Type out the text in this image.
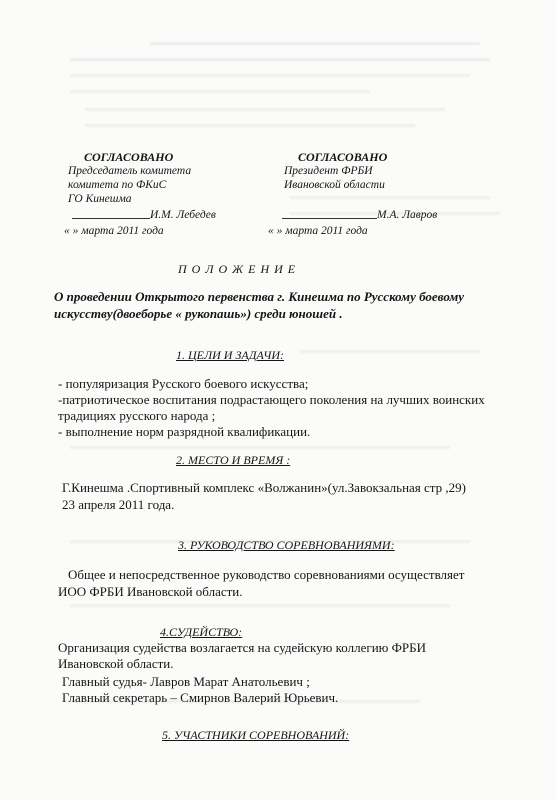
СОГЛАСОВАНО
Председатель комитета
комитета по ФКиС
ГО Кинешма
И.М. Лебедев
« » марта 2011 года
СОГЛАСОВАНО
Президент ФРБИ
Ивановской области
М.А. Лавров
« » марта 2011 года
П О Л О Ж Е Н И Е
О проведении Открытого первенства г. Кинешма по Русскому боевому
искусству(двоеборье « рукопашь») среди юношей .
1. ЦЕЛИ И ЗАДАЧИ:
- популяризация Русского боевого искусства;
-патриотическое воспитания подрастающего поколения на лучших воинских
традициях русского народа ;
- выполнение норм разрядной квалификации.
2. МЕСТО И ВРЕМЯ :
Г.Кинешма .Спортивный комплекс «Волжанин»(ул.Завокзальная стр ,29)
23 апреля 2011 года.
3. РУКОВОДСТВО СОРЕВНОВАНИЯМИ:
Общее и непосредственное руководство соревнованиями осуществляет
ИОО ФРБИ Ивановской области.
4.СУДЕЙСТВО:
Организация судейства возлагается на судейскую коллегию ФРБИ
Ивановской области.
Главный судья- Лавров Марат Анатольевич ;
Главный секретарь – Смирнов Валерий Юрьевич.
5. УЧАСТНИКИ СОРЕВНОВАНИЙ:
